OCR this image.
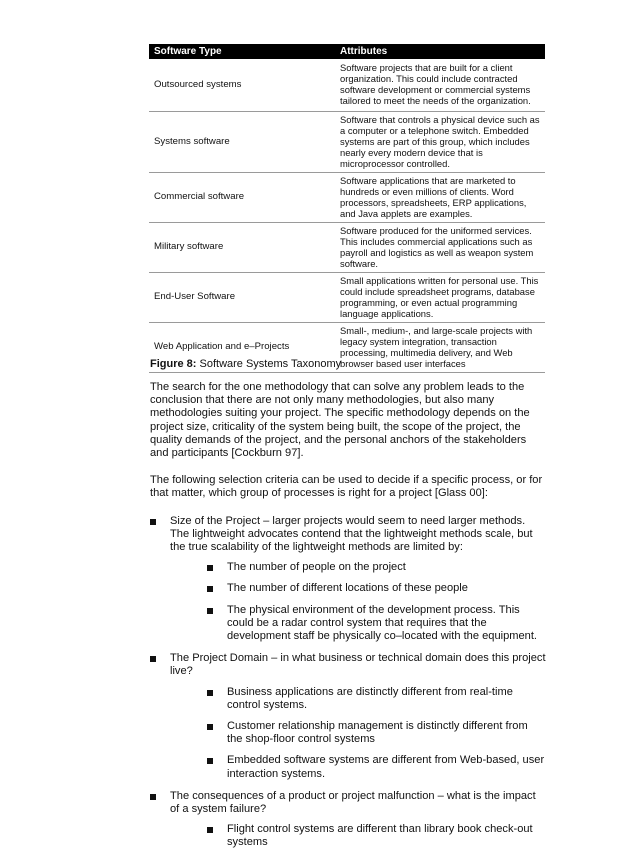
Software Type	Attributes
Outsourced systems	Software projects that are built for a client organization. This could include contracted software development or commercial systems tailored to meet the needs of the organization.
Systems software	Software that controls a physical device such as a computer or a telephone switch. Embedded systems are part of this group, which includes nearly every modern device that is microprocessor controlled.
Commercial software	Software applications that are marketed to hundreds or even millions of clients. Word processors, spreadsheets, ERP applications, and Java applets are examples.
Military software	Software produced for the uniformed services. This includes commercial applications such as payroll and logistics as well as weapon system software.
End-User Software	Small applications written for personal use. This could include spreadsheet programs, database programming, or even actual programming language applications.
Web Application and e–Projects	Small-, medium-, and large-scale projects with legacy system integration, transaction processing, multimedia delivery, and Web browser based user interfaces
Figure 8: Software Systems Taxonomy

The search for the one methodology that can solve any problem leads to the conclusion that there are not only many methodologies, but also many methodologies suiting your project. The specific methodology depends on the project size, criticality of the system being built, the scope of the project, the quality demands of the project, and the personal anchors of the stakeholders and participants [Cockburn 97].

The following selection criteria can be used to decide if a specific process, or for that matter, which group of processes is right for a project [Glass 00]:

Size of the Project – larger projects would seem to need larger methods. The lightweight advocates contend that the lightweight methods scale, but the true scalability of the lightweight methods are limited by:
The number of people on the project
The number of different locations of these people
The physical environment of the development process. This could be a radar control system that requires that the development staff be physically co–located with the equipment.
The Project Domain – in what business or technical domain does this project live?
Business applications are distinctly different from real-time control systems.
Customer relationship management is distinctly different from the shop-floor control systems
Embedded software systems are different from Web-based, user interaction systems.
The consequences of a product or project malfunction – what is the impact of a system failure?
Flight control systems are different than library book check-out systems
